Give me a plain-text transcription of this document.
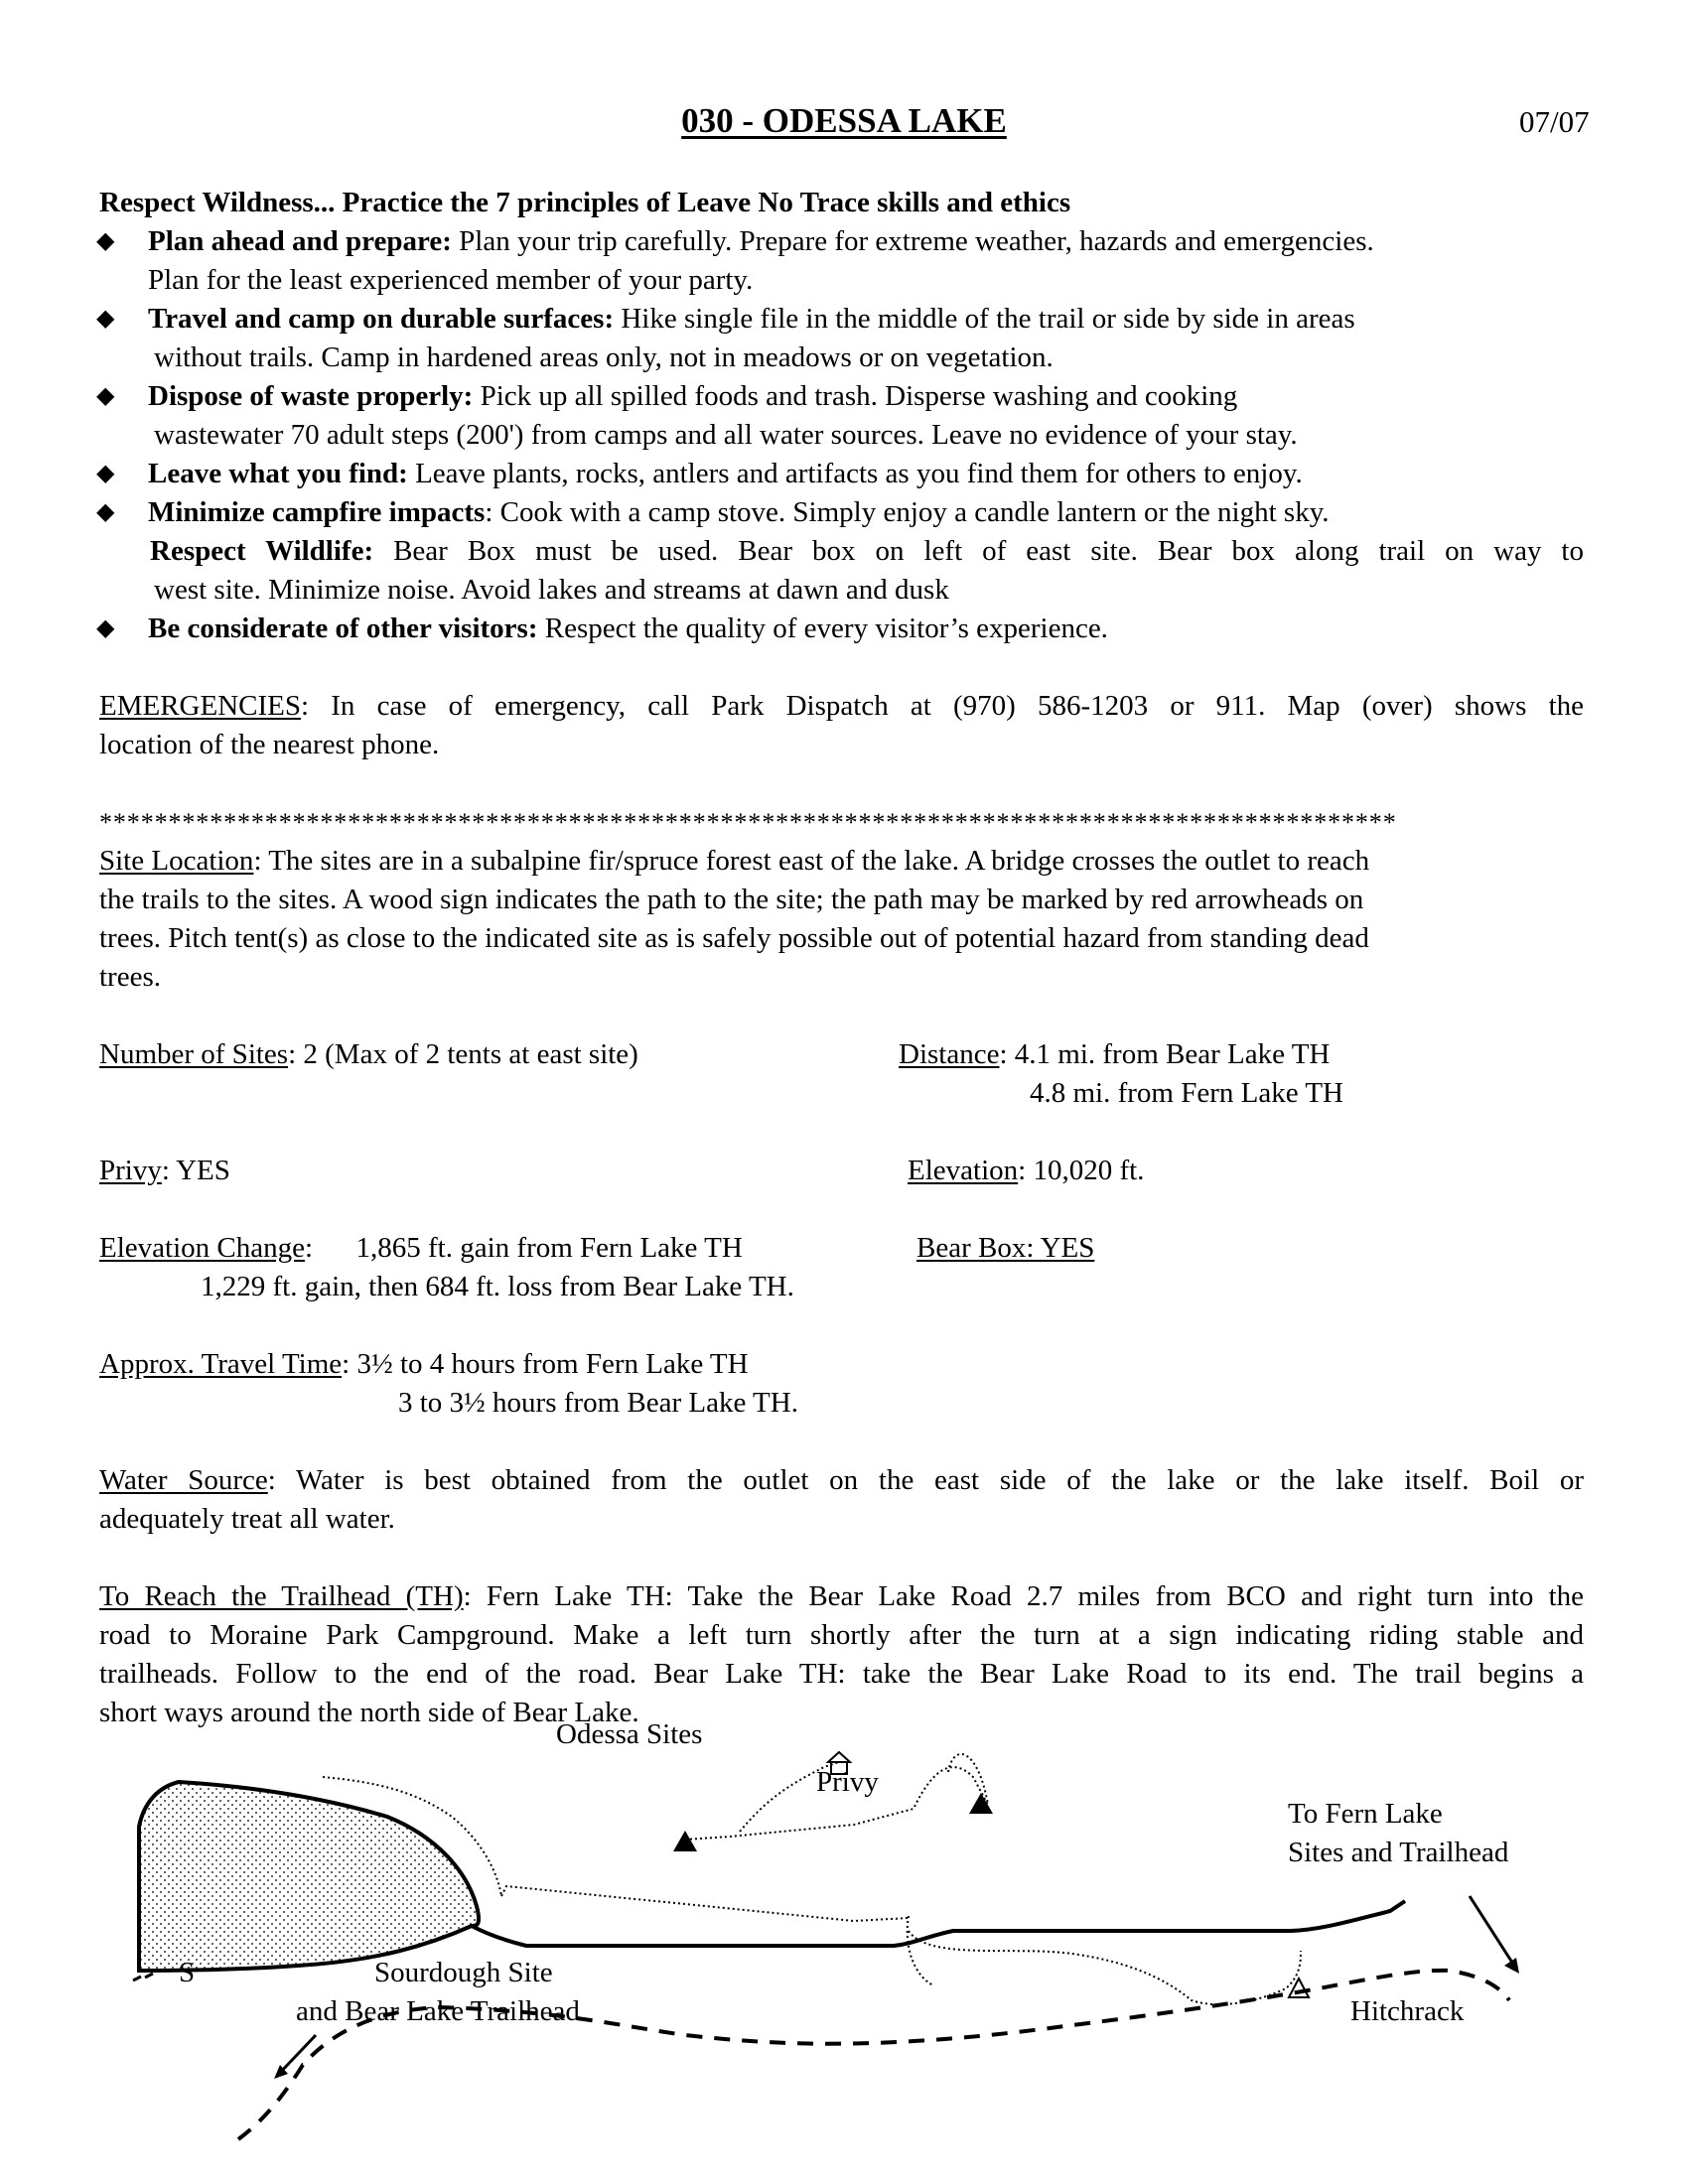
030 - ODESSA LAKE	07/07
Respect Wildness... Practice the 7 principles of Leave No Trace skills and ethics
◆ Plan ahead and prepare: Plan your trip carefully. Prepare for extreme weather, hazards and emergencies.
Plan for the least experienced member of your party.
◆ Travel and camp on durable surfaces: Hike single file in the middle of the trail or side by side in areas
without trails. Camp in hardened areas only, not in meadows or on vegetation.
◆ Dispose of waste properly: Pick up all spilled foods and trash. Disperse washing and cooking
wastewater 70 adult steps (200') from camps and all water sources. Leave no evidence of your stay.
◆ Leave what you find: Leave plants, rocks, antlers and artifacts as you find them for others to enjoy.
◆ Minimize campfire impacts: Cook with a camp stove. Simply enjoy a candle lantern or the night sky.
Respect Wildlife: Bear Box must be used. Bear box on left of east site. Bear box along trail on way to
west site. Minimize noise. Avoid lakes and streams at dawn and dusk
◆ Be considerate of other visitors: Respect the quality of every visitor’s experience.
EMERGENCIES: In case of emergency, call Park Dispatch at (970) 586-1203 or 911. Map (over) shows the
location of the nearest phone.
**********************************************************************************************
Site Location: The sites are in a subalpine fir/spruce forest east of the lake. A bridge crosses the outlet to reach
the trails to the sites. A wood sign indicates the path to the site; the path may be marked by red arrowheads on
trees. Pitch tent(s) as close to the indicated site as is safely possible out of potential hazard from standing dead
trees.
Number of Sites: 2 (Max of 2 tents at east site)	Distance: 4.1 mi. from Bear Lake TH
4.8 mi. from Fern Lake TH
Privy: YES	Elevation: 10,020 ft.
Elevation Change:      1,865 ft. gain from Fern Lake TH	Bear Box: YES
1,229 ft. gain, then 684 ft. loss from Bear Lake TH.
Approx. Travel Time: 3½ to 4 hours from Fern Lake TH
3 to 3½ hours from Bear Lake TH.
Water Source: Water is best obtained from the outlet on the east side of the lake or the lake itself. Boil or
adequately treat all water.
To Reach the Trailhead (TH): Fern Lake TH: Take the Bear Lake Road 2.7 miles from BCO and right turn into the
road to Moraine Park Campground. Make a left turn shortly after the turn at a sign indicating riding stable and
trailheads. Follow to the end of the road. Bear Lake TH: take the Bear Lake Road to its end. The trail begins a
short ways around the north side of Bear Lake.
Odessa Sites
Privy
To Fern Lake
Sites and Trailhead
Sourdough Site
and Bear Lake Trailhead	Hitchrack
S
